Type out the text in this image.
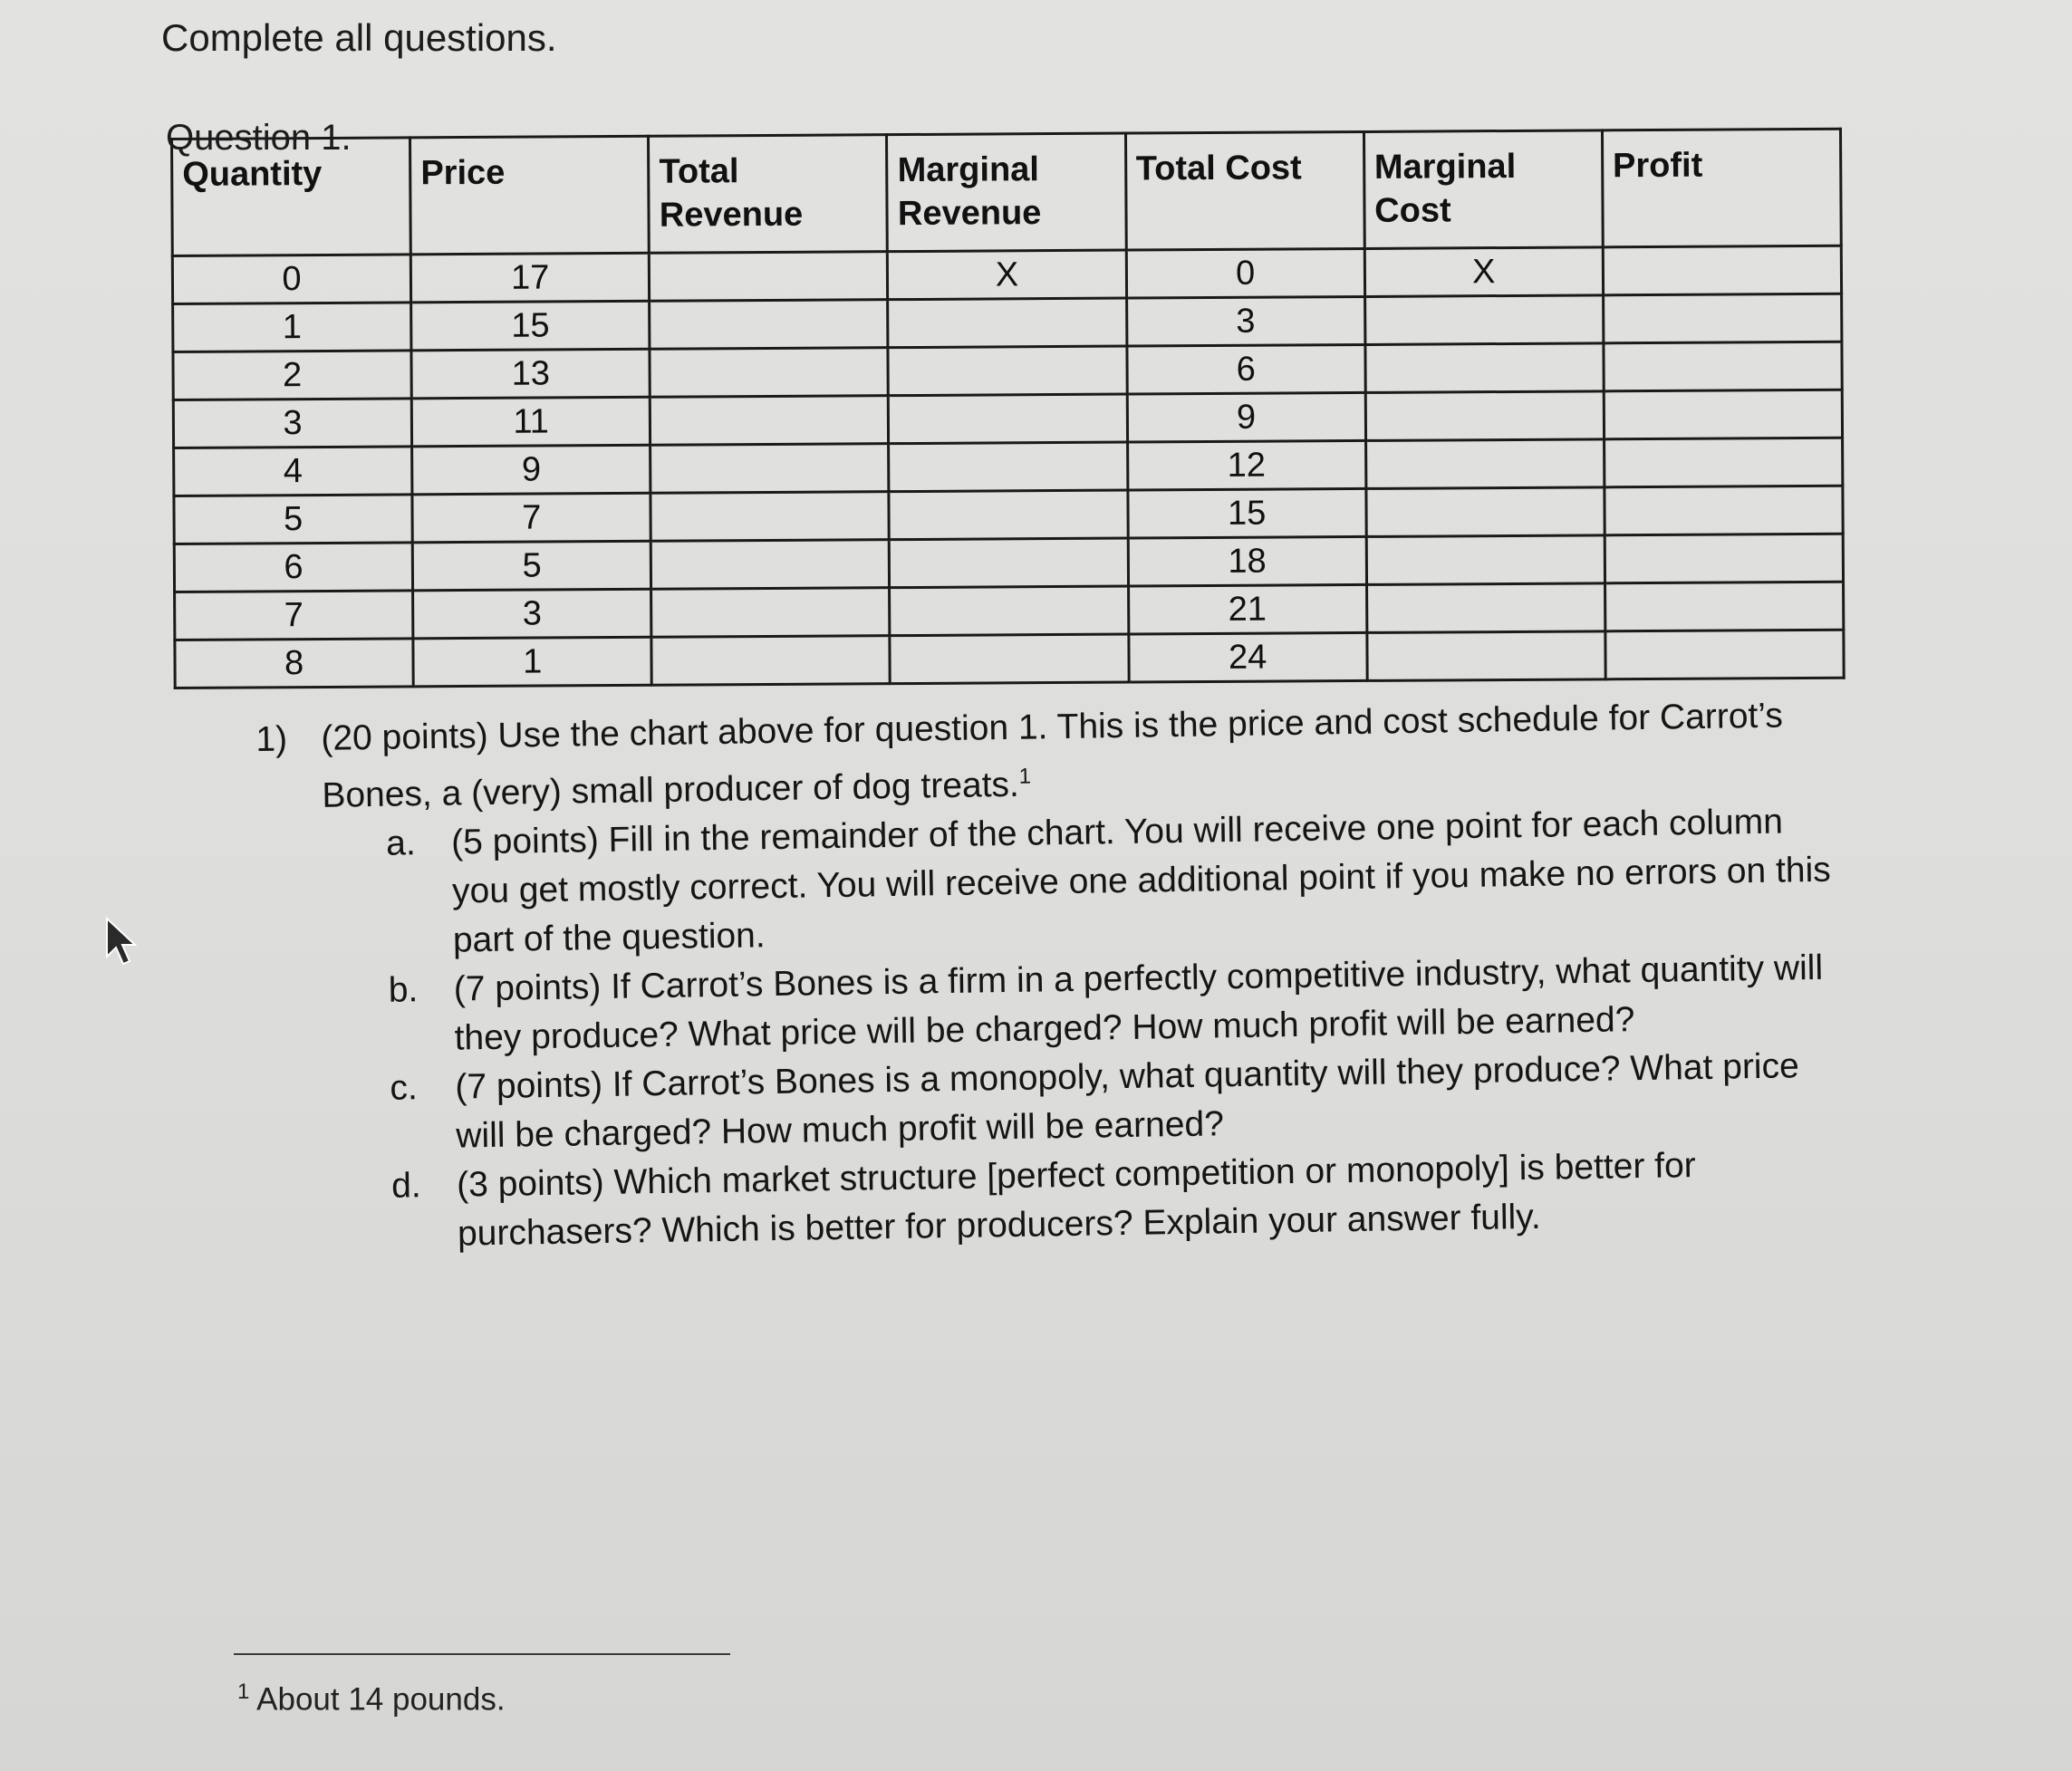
Complete all questions.
Question 1.
Quantity	Price	Total Revenue	Marginal Revenue	Total Cost	Marginal Cost	Profit
0	17		X	0	X	
1	15			3		
2	13			6		
3	11			9		
4	9			12		
5	7			15		
6	5			18		
7	3			21		
8	1			24		
1) (20 points) Use the chart above for question 1. This is the price and cost schedule for Carrot’s Bones, a (very) small producer of dog treats.$^1$
a. (5 points) Fill in the remainder of the chart. You will receive one point for each column you get mostly correct. You will receive one additional point if you make no errors on this part of the question.
b. (7 points) If Carrot’s Bones is a firm in a perfectly competitive industry, what quantity will they produce? What price will be charged? How much profit will be earned?
c.	(7 points) If Carrot’s Bones is a monopoly, what quantity will they produce? What price will be charged? How much profit will be earned?
d. (3 points) Which market structure [perfect competition or monopoly] is better for purchasers? Which is better for producers? Explain your answer fully.
$^1$ About 14 pounds.
